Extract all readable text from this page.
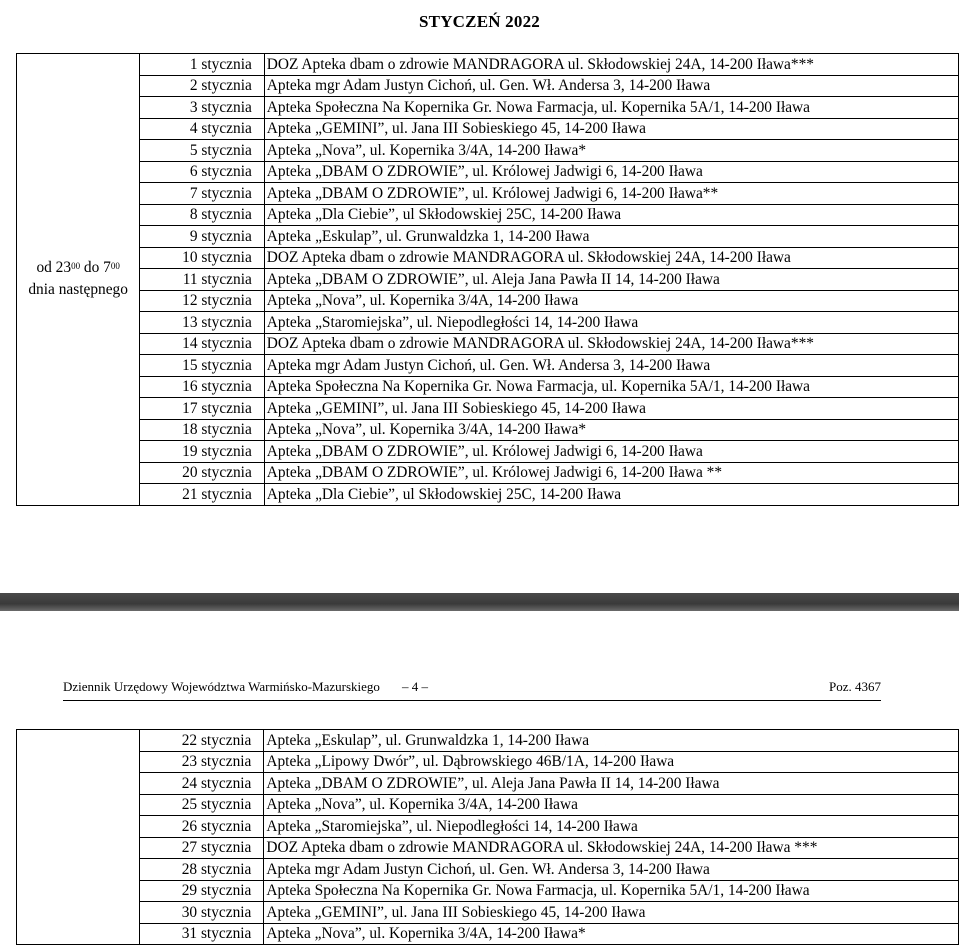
STYCZEŃ 2022
od $23^{00}$ do $7^{00}$
dnia następnego	1 stycznia	DOZ Apteka dbam o zdrowie MANDRAGORA ul. Skłodowskiej 24A, 14-200 Iława***
	2 stycznia	Apteka mgr Adam Justyn Cichoń, ul. Gen. Wł. Andersa 3, 14-200 Iława
	3 stycznia	Apteka Społeczna Na Kopernika Gr. Nowa Farmacja, ul. Kopernika 5A/1, 14-200 Iława
	4 stycznia	Apteka „GEMINI”, ul. Jana III Sobieskiego 45, 14-200 Iława
	5 stycznia	Apteka „Nova”, ul. Kopernika 3/4A, 14-200 Iława*
	6 stycznia	Apteka „DBAM O ZDROWIE”, ul. Królowej Jadwigi 6, 14-200 Iława
	7 stycznia	Apteka „DBAM O ZDROWIE”, ul. Królowej Jadwigi 6, 14-200 Iława**
	8 stycznia	Apteka „Dla Ciebie”, ul Skłodowskiej 25C, 14-200 Iława
	9 stycznia	Apteka „Eskulap”, ul. Grunwaldzka 1, 14-200 Iława
	10 stycznia	DOZ Apteka dbam o zdrowie MANDRAGORA ul. Skłodowskiej 24A, 14-200 Iława
	11 stycznia	Apteka „DBAM O ZDROWIE”, ul. Aleja Jana Pawła II 14, 14-200 Iława
	12 stycznia	Apteka „Nova”, ul. Kopernika 3/4A, 14-200 Iława
	13 stycznia	Apteka „Staromiejska”, ul. Niepodległości 14, 14-200 Iława
	14 stycznia	DOZ Apteka dbam o zdrowie MANDRAGORA ul. Skłodowskiej 24A, 14-200 Iława***
	15 stycznia	Apteka mgr Adam Justyn Cichoń, ul. Gen. Wł. Andersa 3, 14-200 Iława
	16 stycznia	Apteka Społeczna Na Kopernika Gr. Nowa Farmacja, ul. Kopernika 5A/1, 14-200 Iława
	17 stycznia	Apteka „GEMINI”, ul. Jana III Sobieskiego 45, 14-200 Iława
	18 stycznia	Apteka „Nova”, ul. Kopernika 3/4A, 14-200 Iława*
	19 stycznia	Apteka „DBAM O ZDROWIE”, ul. Królowej Jadwigi 6, 14-200 Iława
	20 stycznia	Apteka „DBAM O ZDROWIE”, ul. Królowej Jadwigi 6, 14-200 Iława **
	21 stycznia	Apteka „Dla Ciebie”, ul Skłodowskiej 25C, 14-200 Iława
Dziennik Urzędowy Województwa Warmińsko-Mazurskiego – 4 –	Poz. 4367
	22 stycznia	Apteka „Eskulap”, ul. Grunwaldzka 1, 14-200 Iława
	23 stycznia	Apteka „Lipowy Dwór”, ul. Dąbrowskiego 46B/1A, 14-200 Iława
	24 stycznia	Apteka „DBAM O ZDROWIE”, ul. Aleja Jana Pawła II 14, 14-200 Iława
	25 stycznia	Apteka „Nova”, ul. Kopernika 3/4A, 14-200 Iława
	26 stycznia	Apteka „Staromiejska”, ul. Niepodległości 14, 14-200 Iława
	27 stycznia	DOZ Apteka dbam o zdrowie MANDRAGORA ul. Skłodowskiej 24A, 14-200 Iława ***
	28 stycznia	Apteka mgr Adam Justyn Cichoń, ul. Gen. Wł. Andersa 3, 14-200 Iława
	29 stycznia	Apteka Społeczna Na Kopernika Gr. Nowa Farmacja, ul. Kopernika 5A/1, 14-200 Iława
	30 stycznia	Apteka „GEMINI”, ul. Jana III Sobieskiego 45, 14-200 Iława
	31 stycznia	Apteka „Nova”, ul. Kopernika 3/4A, 14-200 Iława*
